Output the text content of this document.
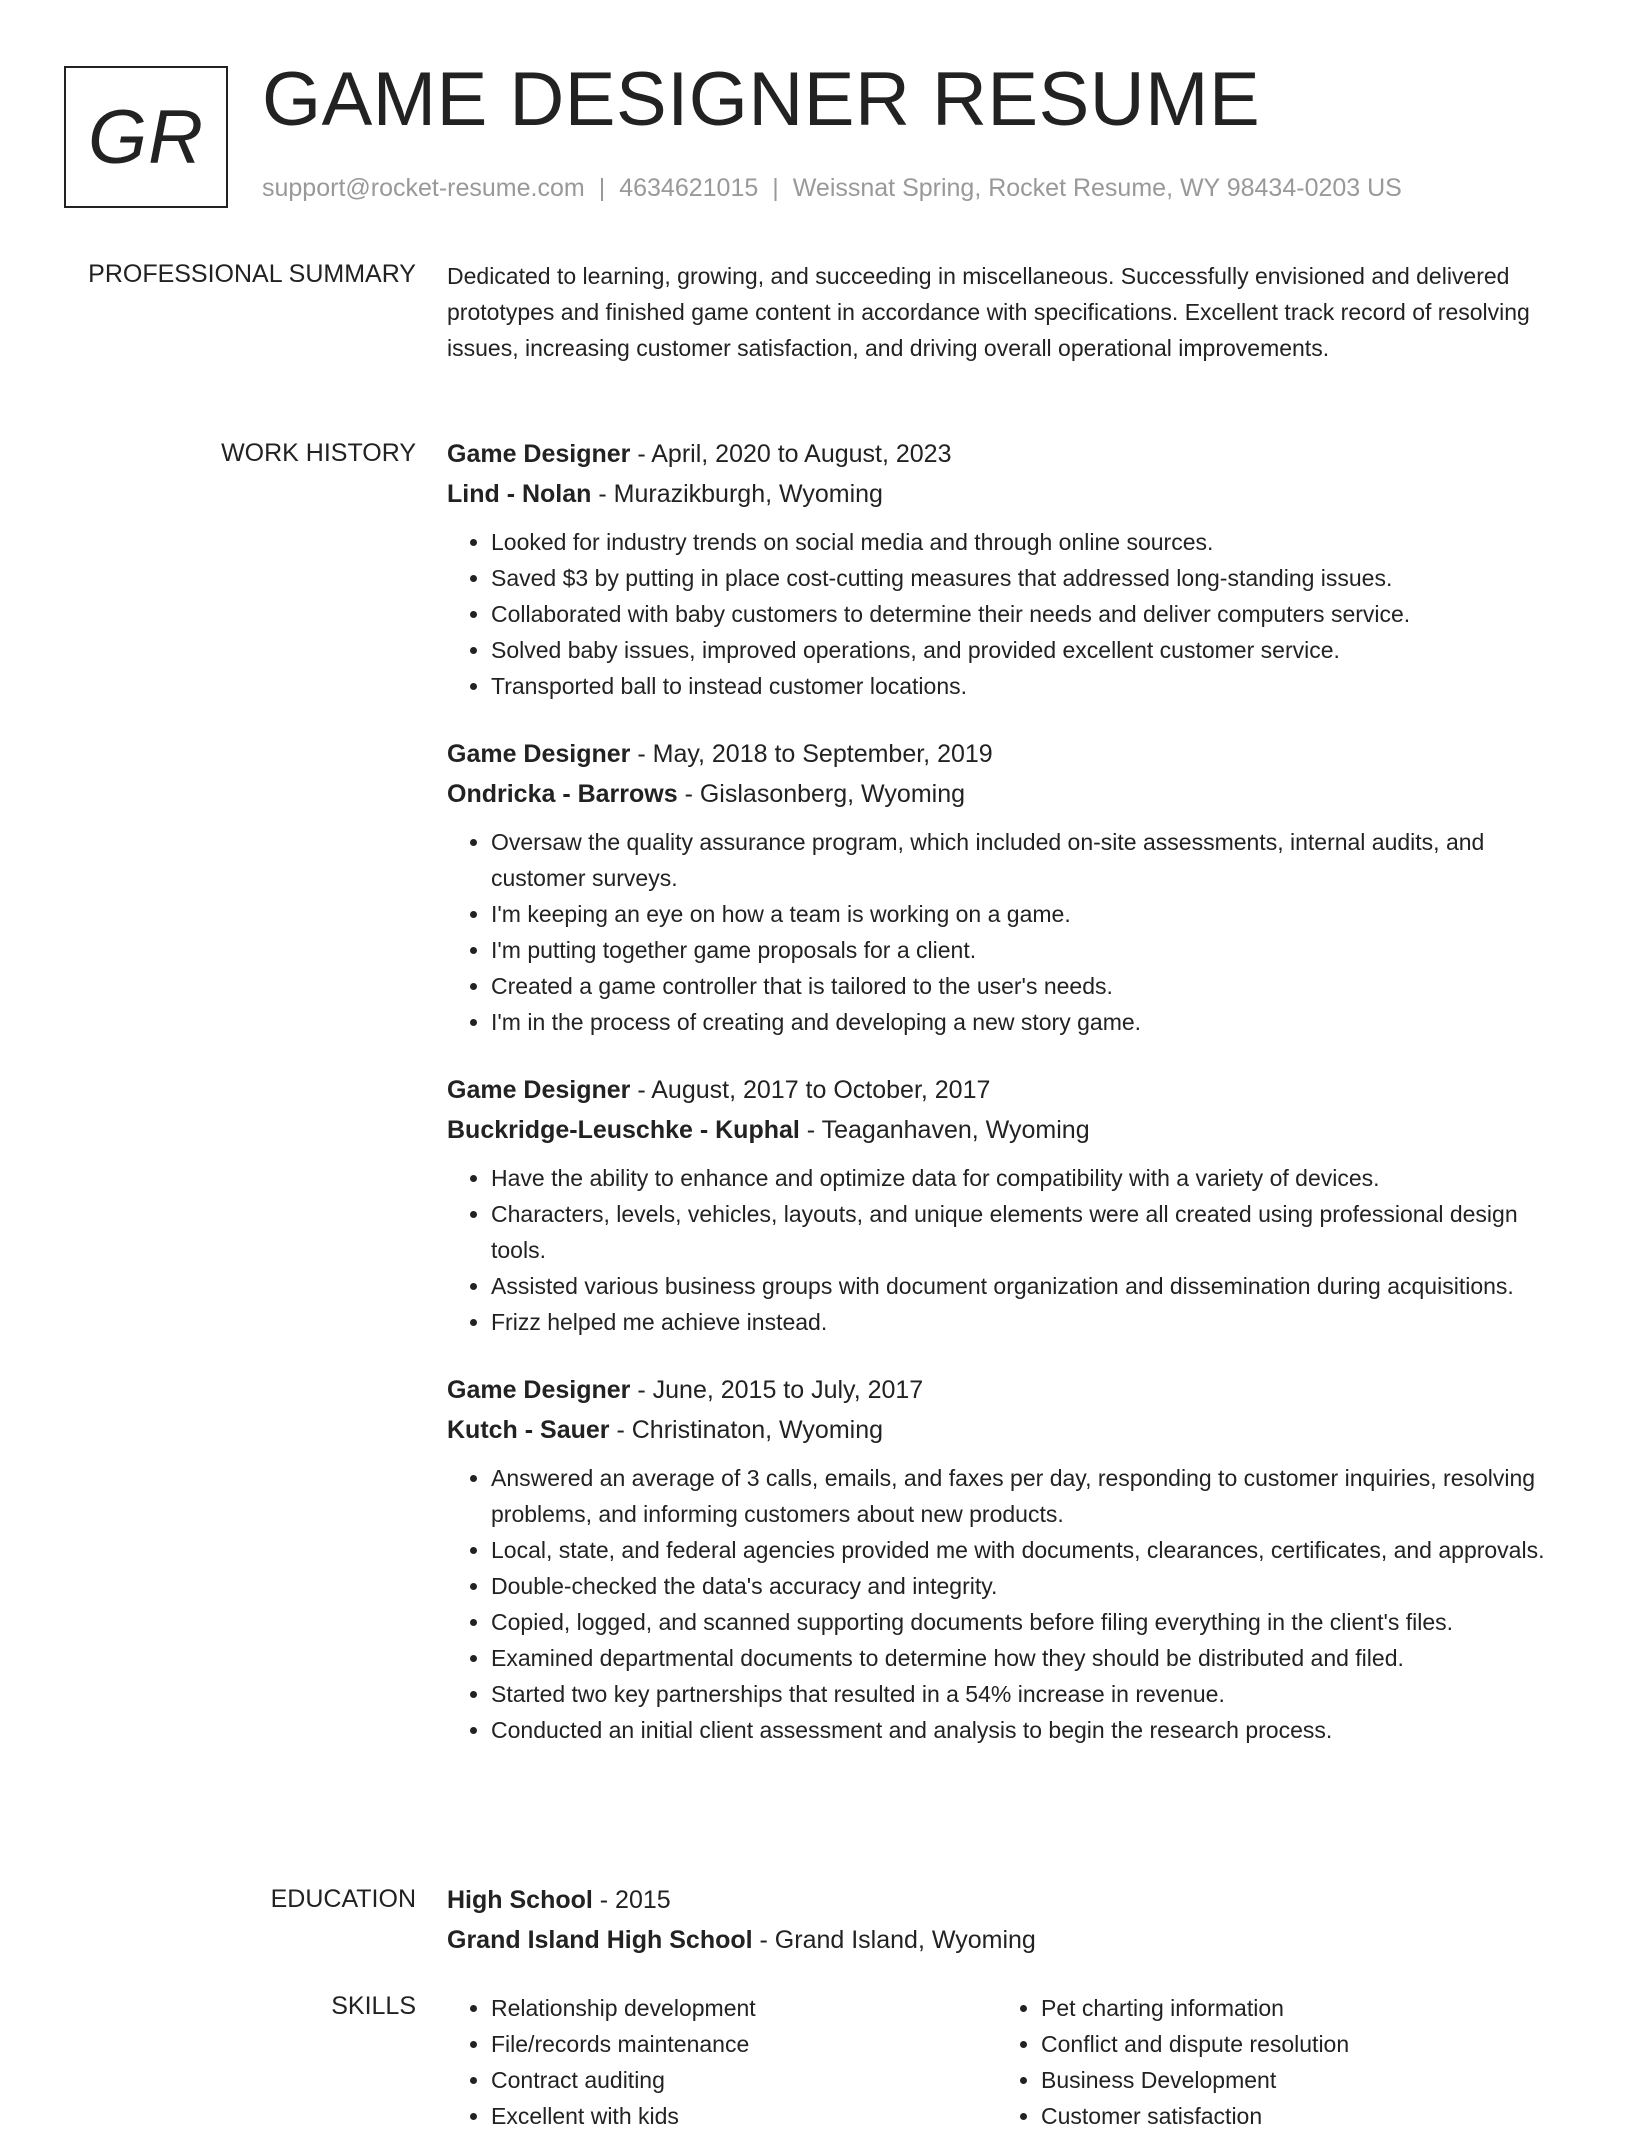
GR GAME DESIGNER RESUME
support@rocket-resume.com | 4634621015 | Weissnat Spring, Rocket Resume, WY 98434-0203 US
PROFESSIONAL SUMMARY Dedicated to learning, growing, and succeeding in miscellaneous. Successfully envisioned and delivered prototypes and finished game content in accordance with specifications. Excellent track record of resolving issues, increasing customer satisfaction, and driving overall operational improvements.

WORK HISTORY Game Designer - April, 2020 to August, 2023
Lind - Nolan - Murazikburgh, Wyoming
• Looked for industry trends on social media and through online sources.
• Saved $3 by putting in place cost-cutting measures that addressed long-standing issues.
• Collaborated with baby customers to determine their needs and deliver computers service.
• Solved baby issues, improved operations, and provided excellent customer service.
• Transported ball to instead customer locations.
Game Designer - May, 2018 to September, 2019
Ondricka - Barrows - Gislasonberg, Wyoming
• Oversaw the quality assurance program, which included on-site assessments, internal audits, and customer surveys.
• I'm keeping an eye on how a team is working on a game.
• I'm putting together game proposals for a client.
• Created a game controller that is tailored to the user's needs.
• I'm in the process of creating and developing a new story game.
Game Designer - August, 2017 to October, 2017
Buckridge-Leuschke - Kuphal - Teaganhaven, Wyoming
• Have the ability to enhance and optimize data for compatibility with a variety of devices.
• Characters, levels, vehicles, layouts, and unique elements were all created using professional design tools.
• Assisted various business groups with document organization and dissemination during acquisitions.
• Frizz helped me achieve instead.
Game Designer - June, 2015 to July, 2017
Kutch - Sauer - Christinaton, Wyoming
• Answered an average of 3 calls, emails, and faxes per day, responding to customer inquiries, resolving problems, and informing customers about new products.
• Local, state, and federal agencies provided me with documents, clearances, certificates, and approvals.
• Double-checked the data's accuracy and integrity.
• Copied, logged, and scanned supporting documents before filing everything in the client's files.
• Examined departmental documents to determine how they should be distributed and filed.
• Started two key partnerships that resulted in a 54% increase in revenue.
• Conducted an initial client assessment and analysis to begin the research process.
EDUCATION High School - 2015
Grand Island High School - Grand Island, Wyoming
SKILLS
•	Relationship development
• File/records maintenance
• Contract auditing
• Excellent with kids
• Pet charting information
• Conflict and dispute resolution
• Business Development
• Customer satisfaction
